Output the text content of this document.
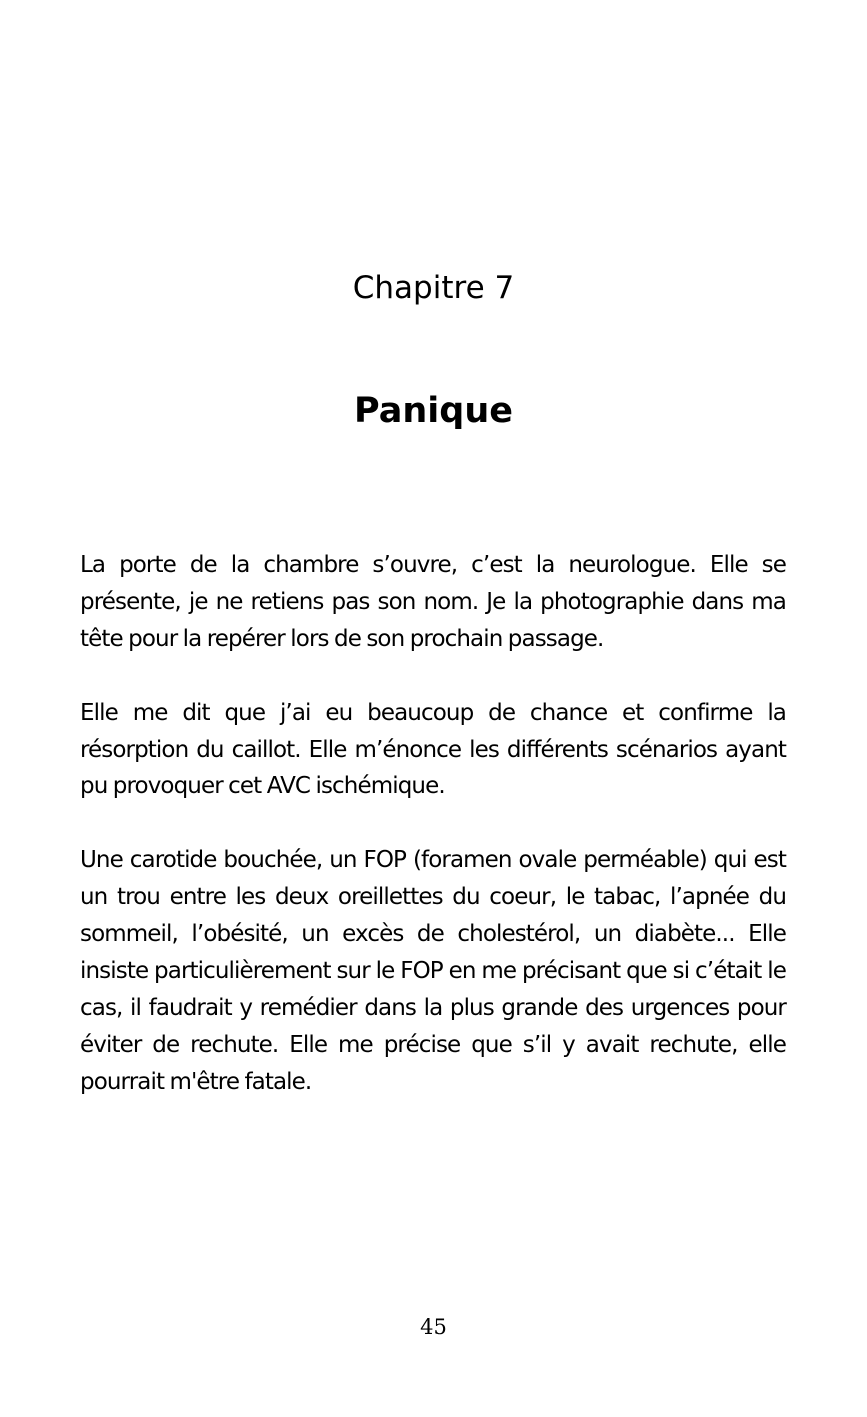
Chapitre 7
Panique

La porte de la chambre s’ouvre, c’est la neurologue. Elle se présente, je ne retiens pas son nom. Je la photographie dans ma tête pour la repérer lors de son prochain passage.

Elle me dit que j’ai eu beaucoup de chance et confirme la résorption du caillot. Elle m’énonce les différents scénarios ayant pu provoquer cet AVC ischémique.

Une carotide bouchée, un FOP (foramen ovale perméable) qui est un trou entre les deux oreillettes du coeur, le tabac, l’apnée du sommeil, l’obésité, un excès de cholestérol, un diabète... Elle insiste particulièrement sur le FOP en me précisant que si c’était le cas, il faudrait y remédier dans la plus grande des urgences pour éviter de rechute. Elle me précise que s’il y avait rechute, elle pourrait m'être fatale.

45
